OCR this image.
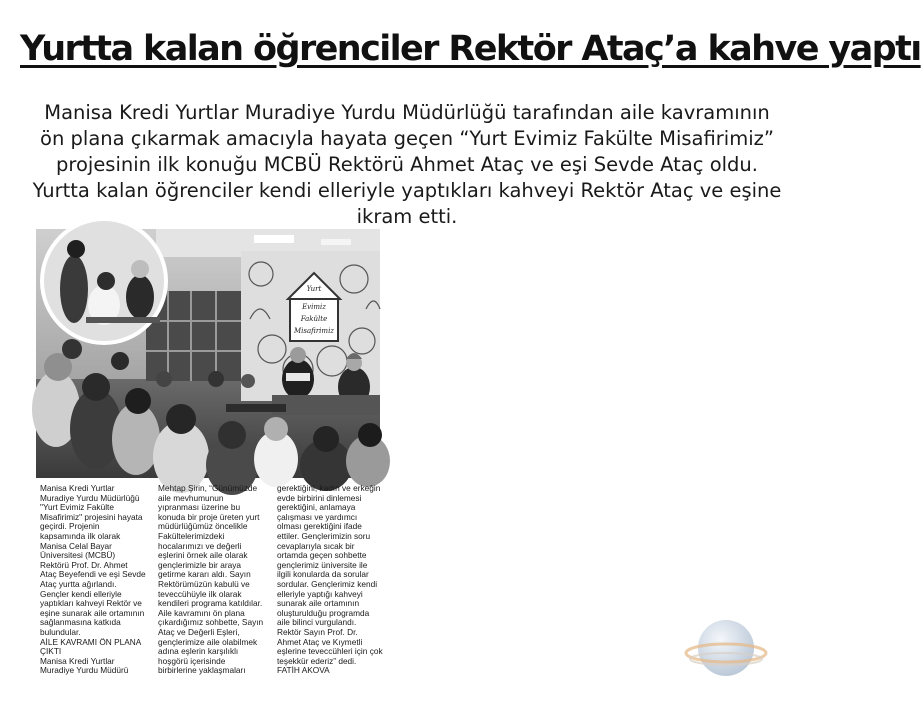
Yurtta kalan öğrenciler Rektör Ataç’a kahve yaptı

Manisa Kredi Yurtlar Muradiye Yurdu Müdürlüğü tarafından aile kavramının ön plana çıkarmak amacıyla hayata geçen “Yurt Evimiz Fakülte Misafirimiz” projesinin ilk konuğu MCBÜ Rektörü Ahmet Ataç ve eşi Sevde Ataç oldu. Yurtta kalan öğrenciler kendi elleriyle yaptıkları kahveyi Rektör Ataç ve eşine ikram etti.

Yurt
Evimiz
Fakülte
Misafirimiz

Manisa Kredi Yurtlar Muradiye Yurdu Müdürlüğü "Yurt Evimiz Fakülte Misafirimiz" projesini hayata geçirdi. Projenin kapsamında ilk olarak Manisa Celal Bayar Üniversitesi (MCBÜ) Rektörü Prof. Dr. Ahmet Ataç Beyefendi ve eşi Sevde Ataç yurtta ağırlandı. Gençler kendi elleriyle yaptıkları kahveyi Rektör ve eşine sunarak aile ortamının sağlanmasına katkıda bulundular.

AİLE KAVRAMI ÖN PLANA ÇIKTI

Manisa Kredi Yurtlar Muradiye Yurdu Müdürü

Mehtap Şirin, “Günümüzde aile mevhumunun yıpranması üzerine bu konuda bir proje üreten yurt müdürlüğümüz öncelikle Fakültelerimizdeki hocalarımızı ve değerli eşlerini örnek aile olarak gençlerimizle bir araya getirme kararı aldı. Sayın Rektörümüzün kabulü ve teveccühüyle ilk olarak kendileri programa katıldılar. Aile kavramını ön plana çıkardığımız sohbette, Sayın Ataç ve Değerli Eşleri, gençlerimize aile olabilmek adına eşlerin karşılıklı hoşgörü içerisinde birbirlerine yaklaşmaları

gerektiğini, kadın ve erkeğin evde birbirini dinlemesi gerektiğini, anlamaya çalışması ve yardımcı olması gerektiğini ifade ettiler. Gençlerimizin soru cevaplarıyla sıcak bir ortamda geçen sohbette gençlerimiz üniversite ile ilgili konularda da sorular sordular. Gençlerimiz kendi elleriyle yaptığı kahveyi sunarak aile ortamının oluşturulduğu programda aile bilinci vurgulandı. Rektör Sayın Prof. Dr. Ahmet Ataç ve Kıymetli eşlerine teveccühleri için çok teşekkür ederiz” dedi.

FATİH AKOVA
